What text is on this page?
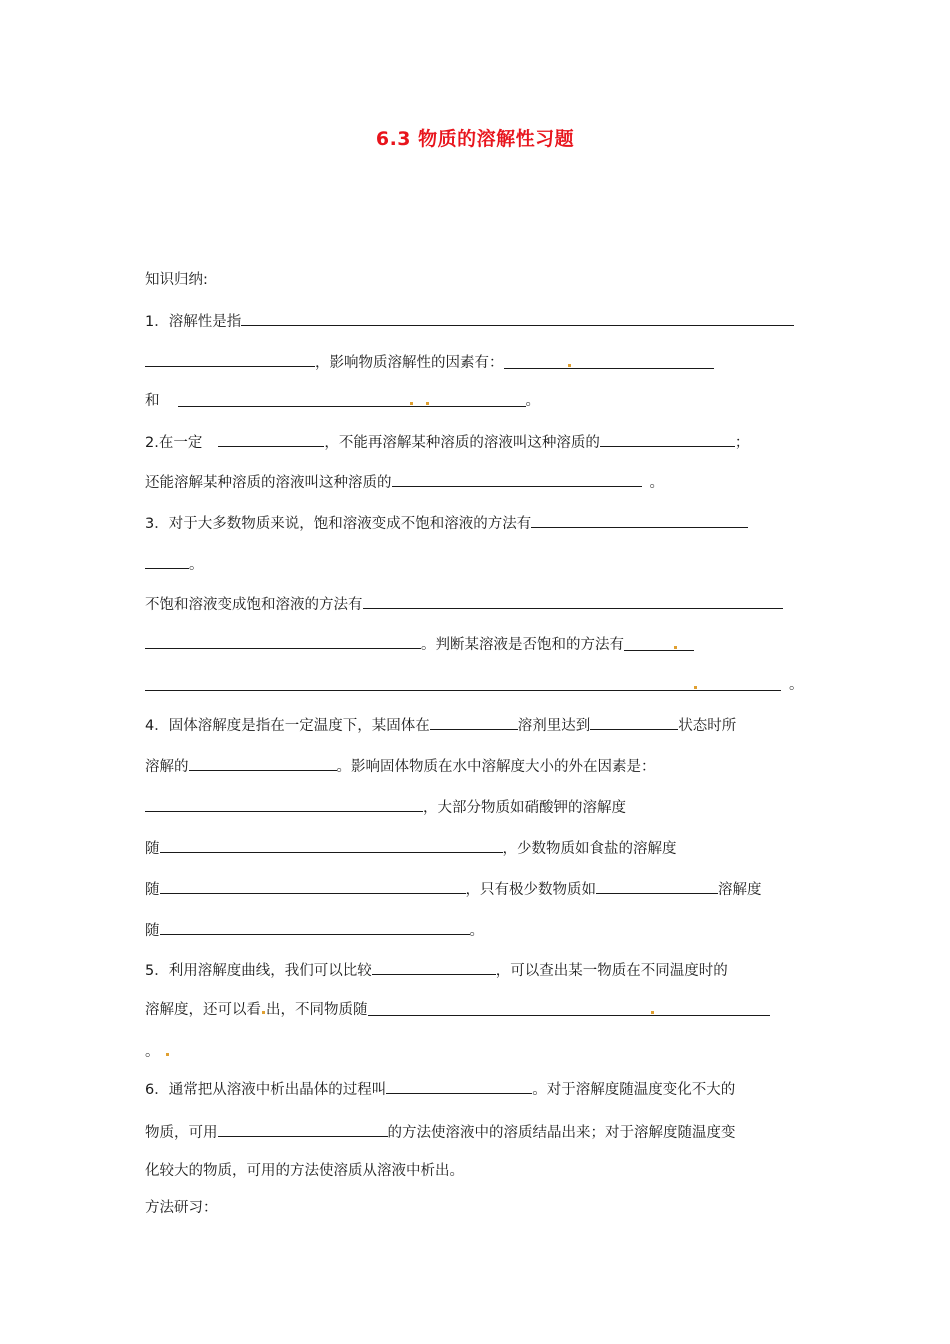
6.3 物质的溶解性习题
知识归纳:
1．溶解性是指
，影响物质溶解性的因素有：
和	。
2.在一定	，不能再溶解某种溶质的溶液叫这种溶质的	；
还能溶解某种溶质的溶液叫这种溶质的	。
3．对于大多数物质来说，饱和溶液变成不饱和溶液的方法有
。
不饱和溶液变成饱和溶液的方法有
。判断某溶液是否饱和的方法有
。
4．固体溶解度是指在一定温度下，某固体在	溶剂里达到	状态时所
溶解的	。影响固体物质在水中溶解度大小的外在因素是：
，大部分物质如硝酸钾的溶解度
随	，少数物质如食盐的溶解度
随	，只有极少数物质如	溶解度
随	。
5．利用溶解度曲线，我们可以比较	，可以查出某一物质在不同温度时的
溶解度，还可以看 出，不同物质随
。
6．通常把从溶液中析出晶体的过程叫	。对于溶解度随温度变化不大的
物质，可用	的方法使溶液中的溶质结晶出来；对于溶解度随温度变
化较大的物质，可用的方法使溶质从溶液中析出。
方法研习：
